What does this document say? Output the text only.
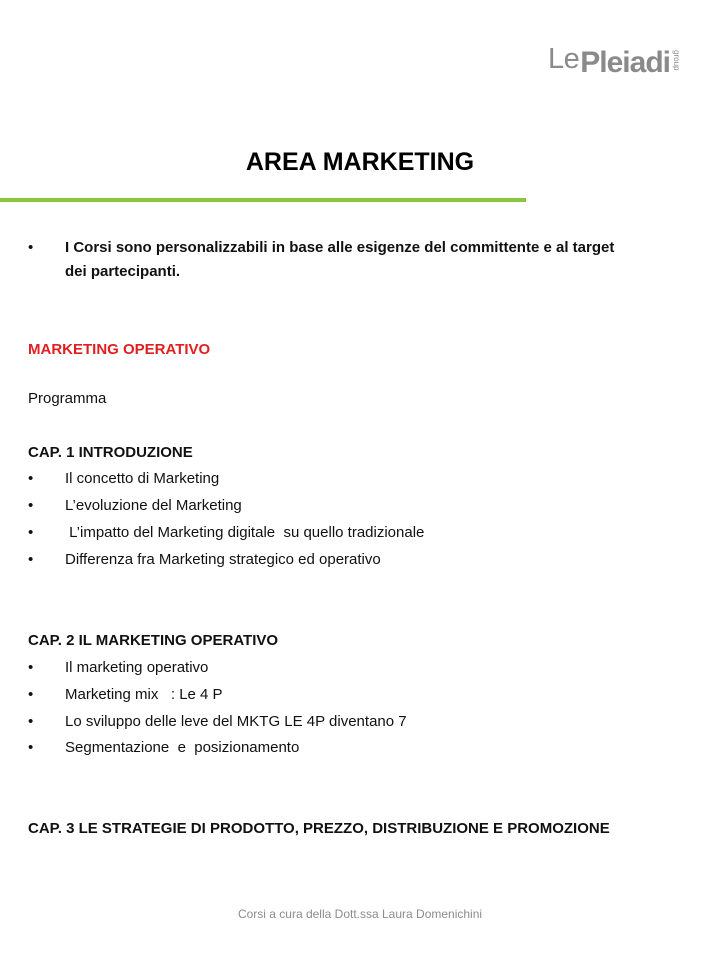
Le Pleiadi group
AREA MARKETING
•	I Corsi sono personalizzabili in base alle esigenze del committente e al target dei partecipanti.
MARKETING OPERATIVO
Programma
CAP. 1 INTRODUZIONE
•	Il concetto di Marketing
•	L’evoluzione del Marketing
•	L’impatto del Marketing digitale  su quello tradizionale
•	Differenza fra Marketing strategico ed operativo
CAP. 2 IL MARKETING OPERATIVO
•	Il marketing operativo
•	Marketing mix   : Le 4 P
•	Lo sviluppo delle leve del MKTG LE 4P diventano 7
•	Segmentazione  e  posizionamento
CAP. 3 LE STRATEGIE DI PRODOTTO, PREZZO, DISTRIBUZIONE E PROMOZIONE
Corsi a cura della Dott.ssa Laura Domenichini
